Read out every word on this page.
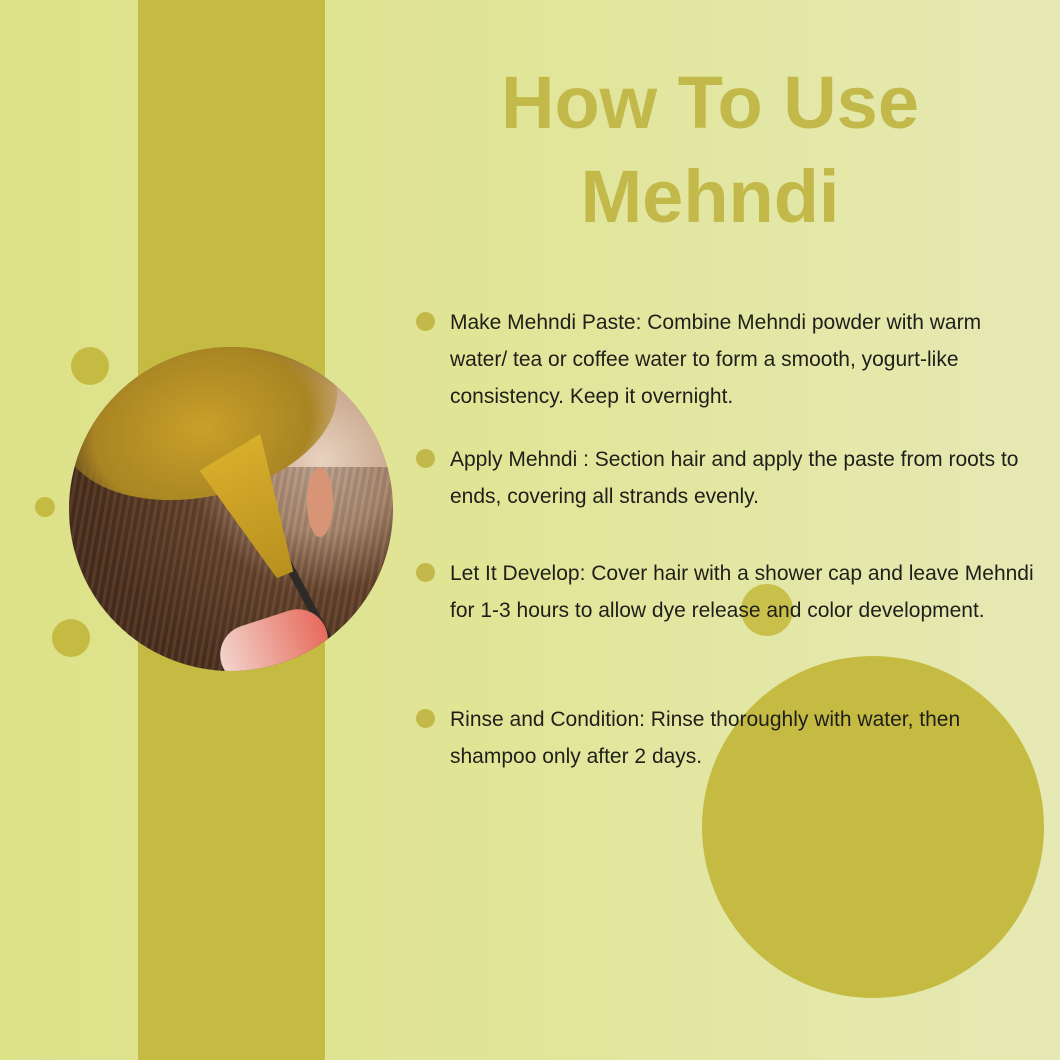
How To Use
Mehndi
Make Mehndi Paste: Combine Mehndi powder with warm water/ tea or coffee water to form a smooth, yogurt-like consistency. Keep it overnight.
Apply Mehndi : Section hair and apply the paste from roots to ends, covering all strands evenly.
Let It Develop: Cover hair with a shower cap and leave Mehndi for 1-3 hours to allow dye release and color development.
Rinse and Condition: Rinse thoroughly with water, then shampoo only after 2 days.
